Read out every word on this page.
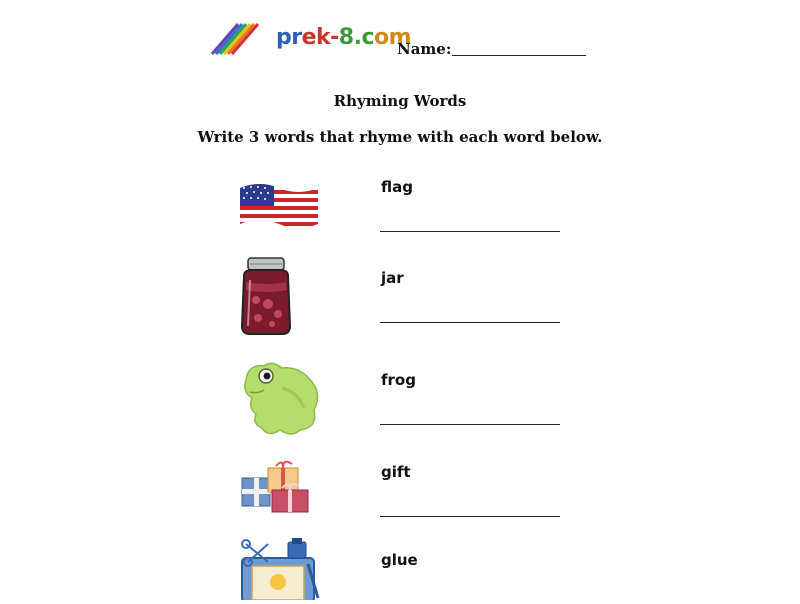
prek-8.com
Name:
Rhyming Words
Write 3 words that rhyme with each word below.
flag
jar
frog
gift
glue
